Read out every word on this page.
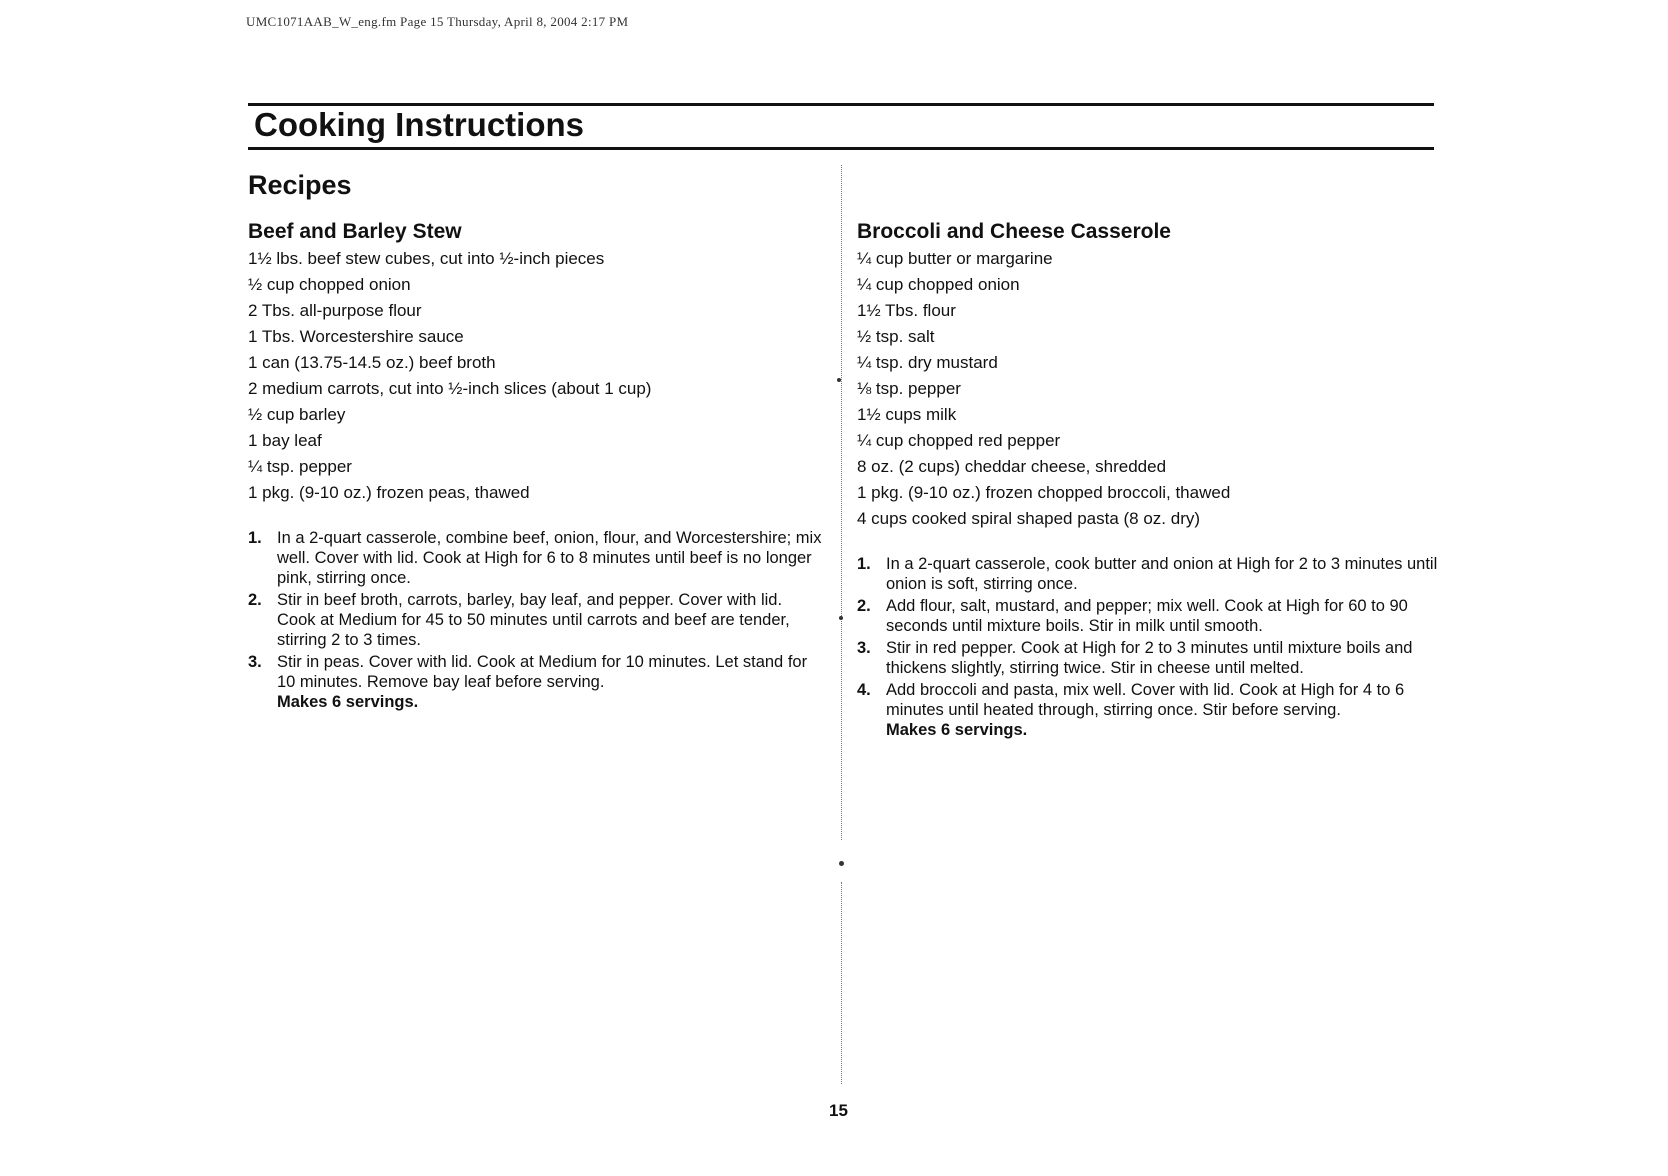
UMC1071AAB_W_eng.fm Page 15 Thursday, April 8, 2004 2:17 PM
Cooking Instructions
Recipes
Beef and Barley Stew
1½ lbs. beef stew cubes, cut into ½-inch pieces
½ cup chopped onion
2 Tbs. all-purpose flour
1 Tbs. Worcestershire sauce
1 can (13.75-14.5 oz.) beef broth
2 medium carrots, cut into ½-inch slices (about 1 cup)
½ cup barley
1 bay leaf
¼ tsp. pepper
1 pkg. (9-10 oz.) frozen peas, thawed
1. In a 2-quart casserole, combine beef, onion, flour, and Worcestershire; mix well. Cover with lid. Cook at High for 6 to 8 minutes until beef is no longer pink, stirring once.
2. Stir in beef broth, carrots, barley, bay leaf, and pepper. Cover with lid. Cook at Medium for 45 to 50 minutes until carrots and beef are tender, stirring 2 to 3 times.
3. Stir in peas. Cover with lid. Cook at Medium for 10 minutes. Let stand for 10 minutes. Remove bay leaf before serving.
Makes 6 servings.
Broccoli and Cheese Casserole
¼ cup butter or margarine
¼ cup chopped onion
1½ Tbs. flour
½ tsp. salt
¼ tsp. dry mustard
⅛ tsp. pepper
1½ cups milk
¼ cup chopped red pepper
8 oz. (2 cups) cheddar cheese, shredded
1 pkg. (9-10 oz.) frozen chopped broccoli, thawed
4 cups cooked spiral shaped pasta (8 oz. dry)
1. In a 2-quart casserole, cook butter and onion at High for 2 to 3 minutes until onion is soft, stirring once.
2. Add flour, salt, mustard, and pepper; mix well. Cook at High for 60 to 90 seconds until mixture boils. Stir in milk until smooth.
3. Stir in red pepper. Cook at High for 2 to 3 minutes until mixture boils and thickens slightly, stirring twice. Stir in cheese until melted.
4. Add broccoli and pasta, mix well. Cover with lid. Cook at High for 4 to 6 minutes until heated through, stirring once. Stir before serving.
Makes 6 servings.
15
